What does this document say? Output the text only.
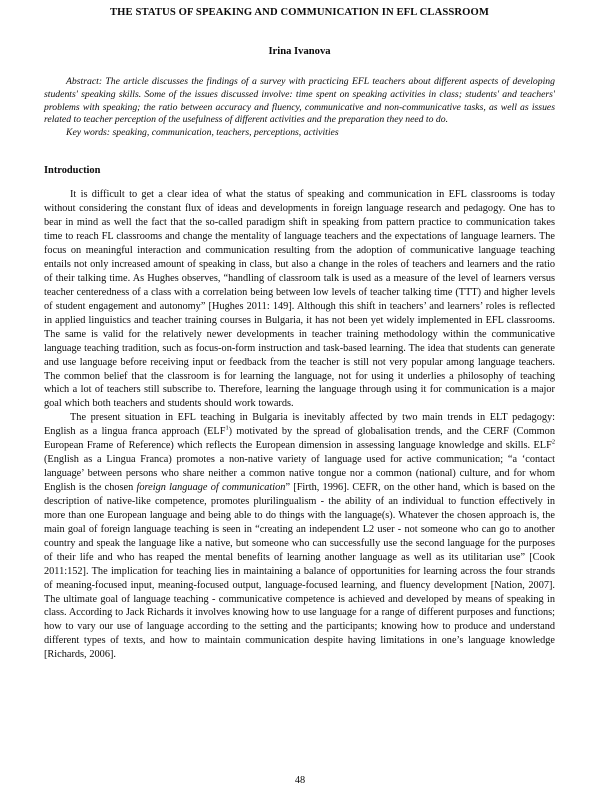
THE STATUS OF SPEAKING AND COMMUNICATION IN EFL CLASSROOM
Irina Ivanova

Abstract: The article discusses the findings of a survey with practicing EFL teachers about different aspects of developing students' speaking skills. Some of the issues discussed involve: time spent on speaking activities in class; students' and teachers' problems with speaking; the ratio between accuracy and fluency, communicative and non-communicative tasks, as well as issues related to teacher perception of the usefulness of different activities and the preparation they need to do.

Key words: speaking, communication, teachers, perceptions, activities

Introduction

It is difficult to get a clear idea of what the status of speaking and communication in EFL classrooms is today without considering the constant flux of ideas and developments in foreign language research and pedagogy. One has to bear in mind as well the fact that the so-called paradigm shift in speaking from pattern practice to communication takes time to reach FL classrooms and change the mentality of language teachers and the expectations of language learners. The focus on meaningful interaction and communication resulting from the adoption of communicative language teaching entails not only increased amount of speaking in class, but also a change in the roles of teachers and learners and the ratio of their talking time. As Hughes observes, “handling of classroom talk is used as a measure of the level of learners versus teacher centeredness of a class with a correlation being between low levels of teacher talking time (TTT) and higher levels of student engagement and autonomy” [Hughes 2011: 149]. Although this shift in teachers’ and learners’ roles is reflected in applied linguistics and teacher training courses in Bulgaria, it has not been yet widely implemented in EFL classrooms. The same is valid for the relatively newer developments in teacher training methodology within the communicative language teaching tradition, such as focus-on-form instruction and task-based learning. The idea that students can generate and use language before receiving input or feedback from the teacher is still not very popular among language teachers. The common belief that the classroom is for learning the language, not for using it underlies a philosophy of teaching which a lot of teachers still subscribe to. Therefore, learning the language through using it for communication is a major goal which both teachers and students should work towards.

The present situation in EFL teaching in Bulgaria is inevitably affected by two main trends in ELT pedagogy: English as a lingua franca approach (ELF$^1$) motivated by the spread of globalisation trends, and the CERF (Common European Frame of Reference) which reflects the European dimension in assessing language knowledge and skills. ELF$^2$ (English as a Lingua Franca) promotes a non-native variety of language used for active communication; “a ‘contact language’ between persons who share neither a common native tongue nor a common (national) culture, and for whom English is the chosen foreign language of communication” [Firth, 1996]. CEFR, on the other hand, which is based on the description of native-like competence, promotes plurilingualism - the ability of an individual to function effectively in more than one European language and being able to do things with the language(s). Whatever the chosen approach is, the main goal of foreign language teaching is seen in “creating an independent L2 user - not someone who can go to another country and speak the language like a native, but someone who can successfully use the second language for the purposes of their life and who has reaped the mental benefits of learning another language as well as its utilitarian use” [Cook 2011:152]. The implication for teaching lies in maintaining a balance of opportunities for learning across the four strands of meaning-focused input, meaning-focused output, language-focused learning, and fluency development [Nation, 2007]. The ultimate goal of language teaching - communicative competence is achieved and developed by means of speaking in class. According to Jack Richards it involves knowing how to use language for a range of different purposes and functions; how to vary our use of language according to the setting and the participants; knowing how to produce and understand different types of texts, and how to maintain communication despite having limitations in one’s language knowledge [Richards, 2006].

48
